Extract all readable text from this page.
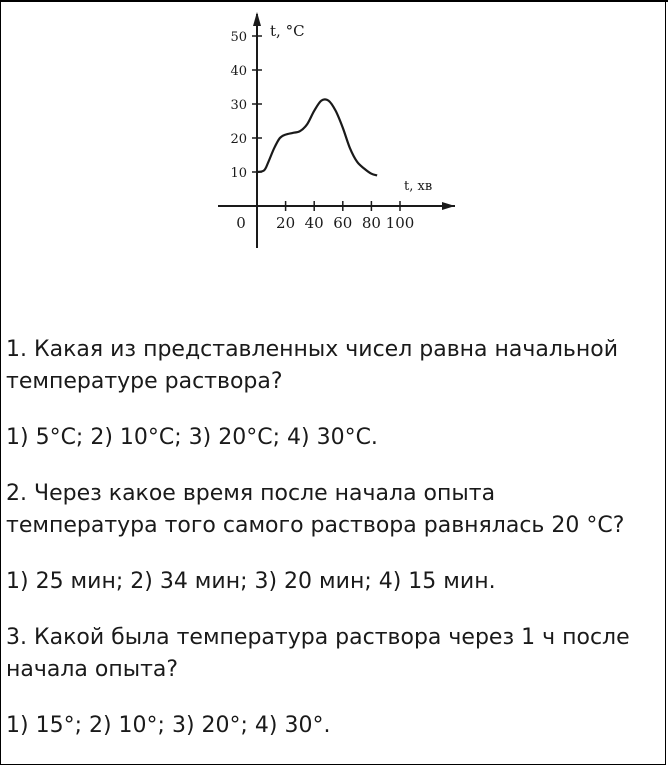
10
20
30
50
40
0 20 40 60 80 100
t, °C
t, хв

1. Какая из представленных чисел равна начальной температуре раствора?

1) 5°C; 2) 10°C; 3) 20°C; 4) 30°C.

2. Через какое время после начала опыта температура того самого раствора равнялась 20 °C?

1) 25 мин; 2) 34 мин; 3) 20 мин; 4) 15 мин.

3. Какой была температура раствора через 1 ч после начала опыта?

1) 15°; 2) 10°; 3) 20°; 4) 30°.
